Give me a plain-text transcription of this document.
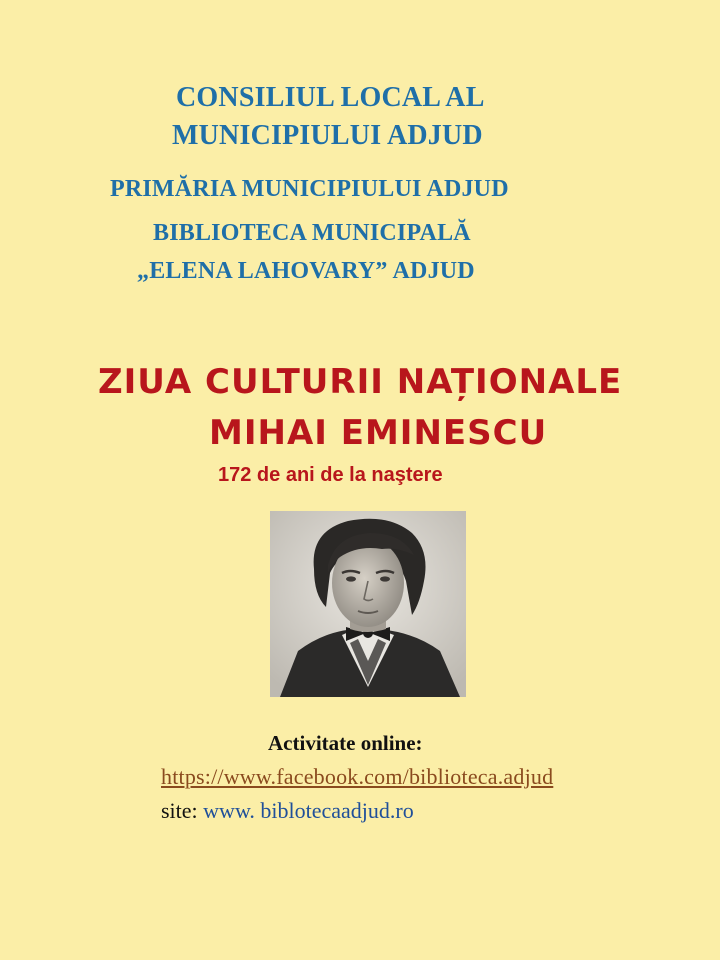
CONSILIUL LOCAL AL
MUNICIPIULUI ADJUD
PRIMĂRIA MUNICIPIULUI ADJUD
BIBLIOTECA MUNICIPALĂ
„ELENA LAHOVARY” ADJUD
ZIUA CULTURII NAȚIONALE
MIHAI EMINESCU
172 de ani de la naştere
Activitate online:
https://www.facebook.com/biblioteca.adjud
site: www. biblotecaadjud.ro
